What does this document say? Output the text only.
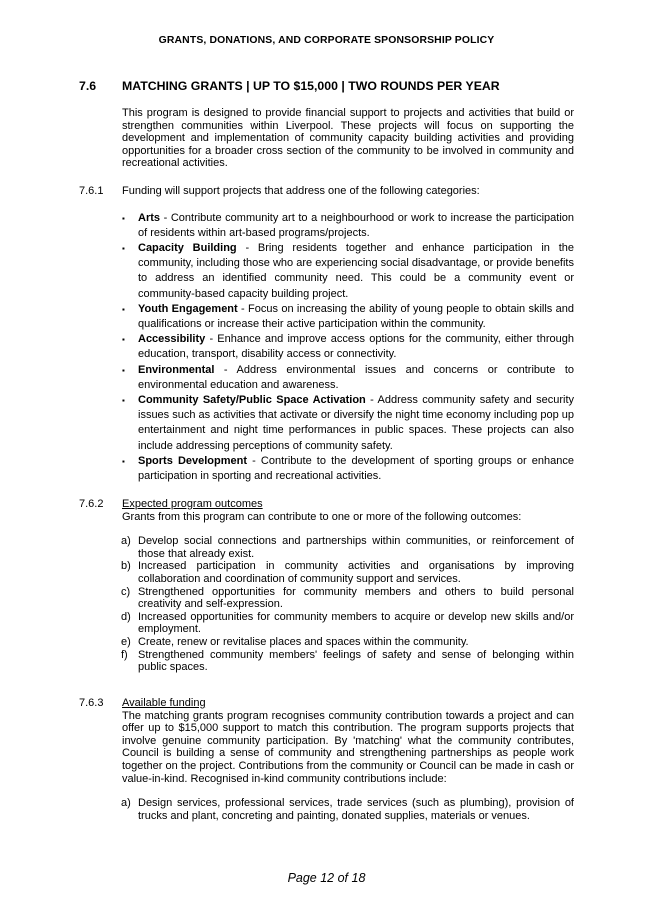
GRANTS, DONATIONS, AND CORPORATE SPONSORSHIP POLICY
7.6 MATCHING GRANTS | UP TO $15,000 | TWO ROUNDS PER YEAR
This program is designed to provide financial support to projects and activities that build or strengthen communities within Liverpool. These projects will focus on supporting the development and implementation of community capacity building activities and providing opportunities for a broader cross section of the community to be involved in community and recreational activities.
7.6.1 Funding will support projects that address one of the following categories:
▪ Arts - Contribute community art to a neighbourhood or work to increase the participation of residents within art-based programs/projects.
▪ Capacity Building - Bring residents together and enhance participation in the community, including those who are experiencing social disadvantage, or provide benefits to address an identified community need. This could be a community event or community-based capacity building project.
▪ Youth Engagement - Focus on increasing the ability of young people to obtain skills and qualifications or increase their active participation within the community.
▪ Accessibility - Enhance and improve access options for the community, either through education, transport, disability access or connectivity.
▪ Environmental - Address environmental issues and concerns or contribute to environmental education and awareness.
▪ Community Safety/Public Space Activation - Address community safety and security issues such as activities that activate or diversify the night time economy including pop up entertainment and night time performances in public spaces. These projects can also include addressing perceptions of community safety.
▪ Sports Development - Contribute to the development of sporting groups or enhance participation in sporting and recreational activities.
7.6.2 Expected program outcomes
Grants from this program can contribute to one or more of the following outcomes:
a) Develop social connections and partnerships within communities, or reinforcement of those that already exist.
b) Increased participation in community activities and organisations by improving collaboration and coordination of community support and services.
c) Strengthened opportunities for community members and others to build personal creativity and self-expression.
d) Increased opportunities for community members to acquire or develop new skills and/or employment.
e) Create, renew or revitalise places and spaces within the community.
f) Strengthened community members' feelings of safety and sense of belonging within public spaces.
7.6.3 Available funding
The matching grants program recognises community contribution towards a project and can offer up to $15,000 support to match this contribution. The program supports projects that involve genuine community participation. By 'matching' what the community contributes, Council is building a sense of community and strengthening partnerships as people work together on the project. Contributions from the community or Council can be made in cash or value-in-kind. Recognised in-kind community contributions include:
a) Design services, professional services, trade services (such as plumbing), provision of trucks and plant, concreting and painting, donated supplies, materials or venues.
Page 12 of 18
